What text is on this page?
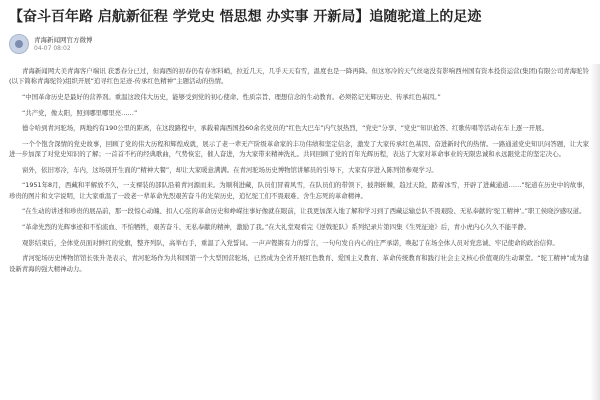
【奋斗百年路 启航新征程 学党史 悟思想 办实事 开新局】追随驼道上的足迹
青海新闻网官方微博
04-07 08:02

青海新闻网大美青海客户端讯 获悉春分已过，但海西的初春仍有春寒料峭，拉近几天，几乎天天有雪，温度也是一降再降。但这寒冷的天气丝毫没有影响西州国有资本投资运营(集团)有限公司青海驼铃(以下简称青海驼铃)组织开展“追寻红色足迹-传承红色精神”主题活动的热情。

“中国革命历史是最好的营养剂。重温这段伟大历史，能够受到党的初心使命、性质宗旨、理想信念的生动教育。必须铭记光辉历史、传承红色基因。”

“共产党，像太阳，照到哪里哪里亮……”

德令哈到青河驼场，两地约有190公里的距离，在这段路程中，承载着海西国投60余名党员的“红色大巴车”内气氛热烈，“党史”分享、“党史”知识抢答、红歌传唱等活动在车上逐一开展。

一个个饱含深情的党史故事，回顾了党的伟大历程和辉煌成就，展示了老一辈无产阶级革命家的丰功伟绩和坚定信念，激发了大家传承红色基因、奋进新时代的热情。一路通道党史知识问答题，让大家进一步加深了对党史知识的了解；一首首不朽的经典歌曲，气势恢宏，催人奋进，为大家带来精神洗礼。共同回顾了党的百年光辉历程，表达了大家对革命事业的无限忠诚和永远跟党走的坚定决心。

窗外，依旧寒冷，车内，这场别开生面的“精神大餐”，却让大家暖意满满。在青河驼场历史博物馆讲解员的引导下，大家有序进入陈列馆参观学习。

“1951年8月，西藏和平解放不久，一支裸装的部队沿着青河源而来。为顺利进藏，队员们冒着风雪，在队员们的带领下，披荆斩棘，趋过天险，踏着冰雪，开辟了进藏通道……”驼道在历史中的故事，珍贵的图片和文字说明，让大家重温了一段老一辈革命先烈艰苦奋斗的光荣历史，追忆驼工们不畏艰难、舍生忘死的革命精神。

“在生动的讲述和珍贵的展品前，那一段惊心动魄、扣人心弦的革命历史和峥嵘往事好像就在眼前，让我更加深入地了解和学习到了西藏运输总队不畏艰险、无私奉献的‘驼工精神’。”职工侯晓汐感叹道。

“革命先烈的光辉事迹和不怕流血、不怕牺牲，艰苦奋斗、无私奉献的精神，激励了我。”在大礼堂观看完《逆戟驼队》系列纪录片第四集《生死征途》后，青小虎内心久久不能平静。

观影结束后，全体党员面对鲜红的党旗，整齐列队，高举右手，重温了入党誓词。一声声铿锵有力的誓言，一句句发自内心的庄严承诺，唤起了在场全体人员对党忠诚、牢记使命的政治信仰。

青河驼场历史博物馆馆长张升尧表示，青河驼场作为共和国第一个大型国营驼场，已然成为全省开展红色教育、爱国主义教育、革命传统教育和践行社会主义核心价值观的生动课堂。“驼工精神”成为建设新青海的强大精神动力。
